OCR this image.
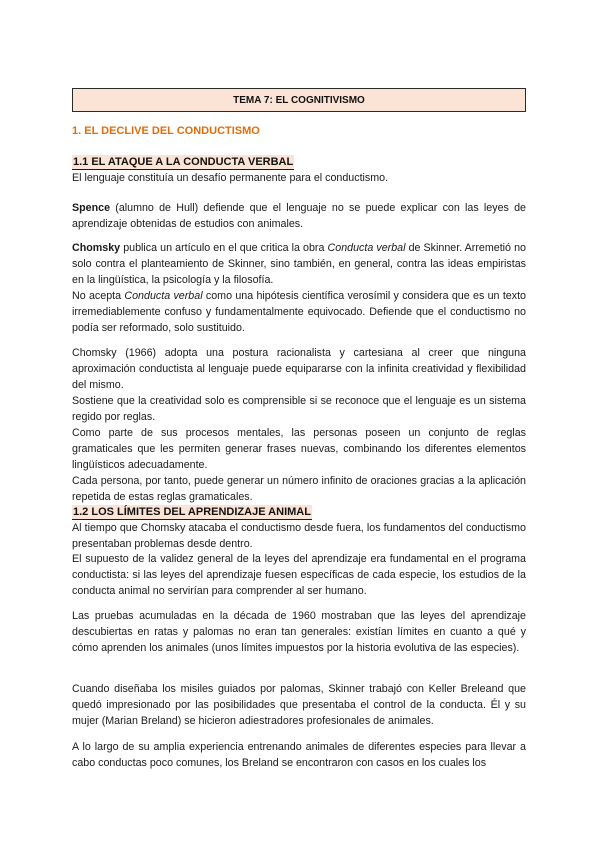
TEMA 7: EL COGNITIVISMO
1. EL DECLIVE DEL CONDUCTISMO
1.1 EL ATAQUE A LA CONDUCTA VERBAL

El lenguaje constituía un desafío permanente para el conductismo.

Spence (alumno de Hull) defiende que el lenguaje no se puede explicar con las leyes de aprendizaje obtenidas de estudios con animales.

Chomsky publica un artículo en el que critica la obra Conducta verbal de Skinner. Arremetió no solo contra el planteamiento de Skinner, sino también, en general, contra las ideas empiristas en la lingüística, la psicología y la filosofía.

No acepta Conducta verbal como una hipótesis científica verosímil y considera que es un texto irremediablemente confuso y fundamentalmente equivocado. Defiende que el conductismo no podía ser reformado, solo sustituido.

Chomsky (1966) adopta una postura racionalista y cartesiana al creer que ninguna aproximación conductista al lenguaje puede equipararse con la infinita creatividad y flexibilidad del mismo.

Sostiene que la creatividad solo es comprensible si se reconoce que el lenguaje es un sistema regido por reglas.

Como parte de sus procesos mentales, las personas poseen un conjunto de reglas gramaticales que les permiten generar frases nuevas, combinando los diferentes elementos lingüísticos adecuadamente.

Cada persona, por tanto, puede generar un número infinito de oraciones gracias a la aplicación repetida de estas reglas gramaticales.

1.2 LOS LÍMITES DEL APRENDIZAJE ANIMAL

Al tiempo que Chomsky atacaba el conductismo desde fuera, los fundamentos del conductismo presentaban problemas desde dentro.

El supuesto de la validez general de la leyes del aprendizaje era fundamental en el programa conductista: si las leyes del aprendizaje fuesen específicas de cada especie, los estudios de la conducta animal no servirían para comprender al ser humano.

Las pruebas acumuladas en la década de 1960 mostraban que las leyes del aprendizaje descubiertas en ratas y palomas no eran tan generales: existían límites en cuanto a qué y cómo aprenden los animales (unos límites impuestos por la historia evolutiva de las especies).

Cuando diseñaba los misiles guiados por palomas, Skinner trabajó con Keller Breleand que quedó impresionado por las posibilidades que presentaba el control de la conducta. Él y su mujer (Marian Breland) se hicieron adiestradores profesionales de animales.

A lo largo de su amplia experiencia entrenando animales de diferentes especies para llevar a cabo conductas poco comunes, los Breland se encontraron con casos en los cuales los
